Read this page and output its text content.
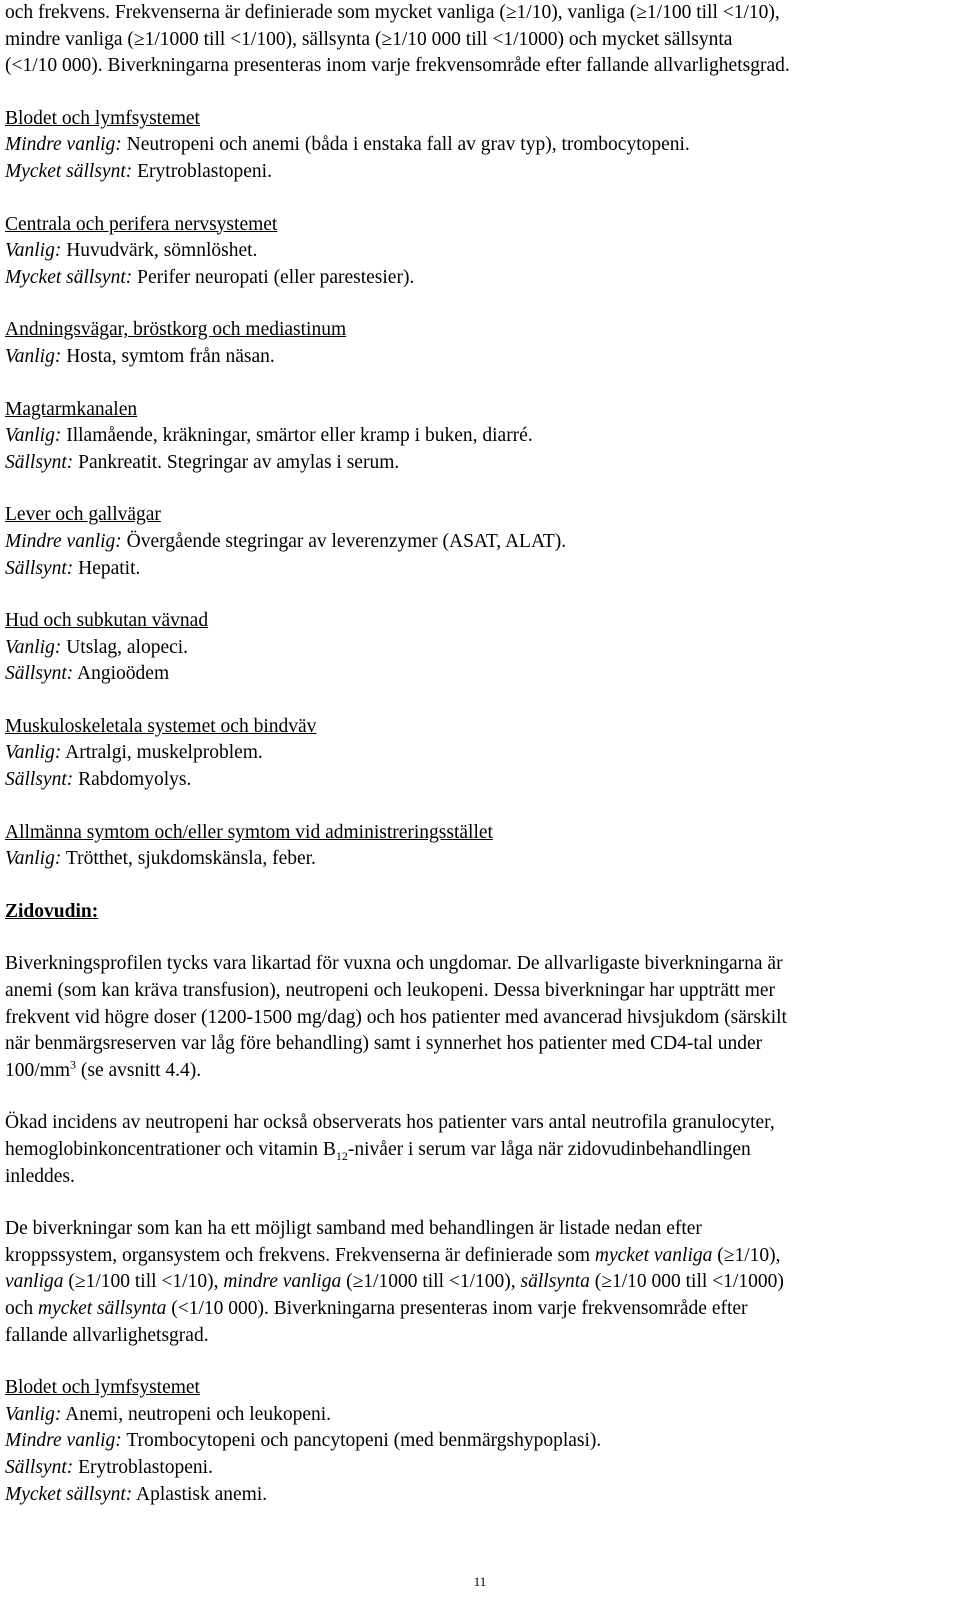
och frekvens. Frekvenserna är definierade som mycket vanliga (≥1/10), vanliga (≥1/100 till <1/10),

mindre vanliga (≥1/1000 till <1/100), sällsynta (≥1/10 000 till <1/1000) och mycket sällsynta

(<1/10 000). Biverkningarna presenteras inom varje frekvensområde efter fallande allvarlighetsgrad.

Blodet och lymfsystemet

Mindre vanlig: Neutropeni och anemi (båda i enstaka fall av grav typ), trombocytopeni.

Mycket sällsynt: Erytroblastopeni.

Centrala och perifera nervsystemet

Vanlig: Huvudvärk, sömnlöshet.

Mycket sällsynt: Perifer neuropati (eller parestesier).

Andningsvägar, bröstkorg och mediastinum

Vanlig: Hosta, symtom från näsan.

Magtarmkanalen

Vanlig: Illamående, kräkningar, smärtor eller kramp i buken, diarré.

Sällsynt: Pankreatit. Stegringar av amylas i serum.

Lever och gallvägar

Mindre vanlig: Övergående stegringar av leverenzymer (ASAT, ALAT).

Sällsynt: Hepatit.

Hud och subkutan vävnad

Vanlig: Utslag, alopeci.

Sällsynt: Angioödem

Muskuloskeletala systemet och bindväv

Vanlig: Artralgi, muskelproblem.

Sällsynt: Rabdomyolys.

Allmänna symtom och/eller symtom vid administreringsstället

Vanlig: Trötthet, sjukdomskänsla, feber.

Zidovudin:

Biverkningsprofilen tycks vara likartad för vuxna och ungdomar. De allvarligaste biverkningarna är

anemi (som kan kräva transfusion), neutropeni och leukopeni. Dessa biverkningar har uppträtt mer

frekvent vid högre doser (1200-1500 mg/dag) och hos patienter med avancerad hivsjukdom (särskilt

när benmärgsreserven var låg före behandling) samt i synnerhet hos patienter med CD4-tal under

$100/mm^3$ (se avsnitt 4.4).

Ökad incidens av neutropeni har också observerats hos patienter vars antal neutrofila granulocyter,

hemoglobinkoncentrationer och vitamin $B_{12}$-nivåer i serum var låga när zidovudinbehandlingen

inleddes.

De biverkningar som kan ha ett möjligt samband med behandlingen är listade nedan efter

kroppssystem, organsystem och frekvens. Frekvenserna är definierade som mycket vanliga (≥1/10),

vanliga (≥1/100 till <1/10), mindre vanliga (≥1/1000 till <1/100), sällsynta (≥1/10 000 till <1/1000)

och mycket sällsynta (<1/10 000). Biverkningarna presenteras inom varje frekvensområde efter

fallande allvarlighetsgrad.

Blodet och lymfsystemet

Vanlig: Anemi, neutropeni och leukopeni.

Mindre vanlig: Trombocytopeni och pancytopeni (med benmärgshypoplasi).

Sällsynt: Erytroblastopeni.

Mycket sällsynt: Aplastisk anemi.

11
